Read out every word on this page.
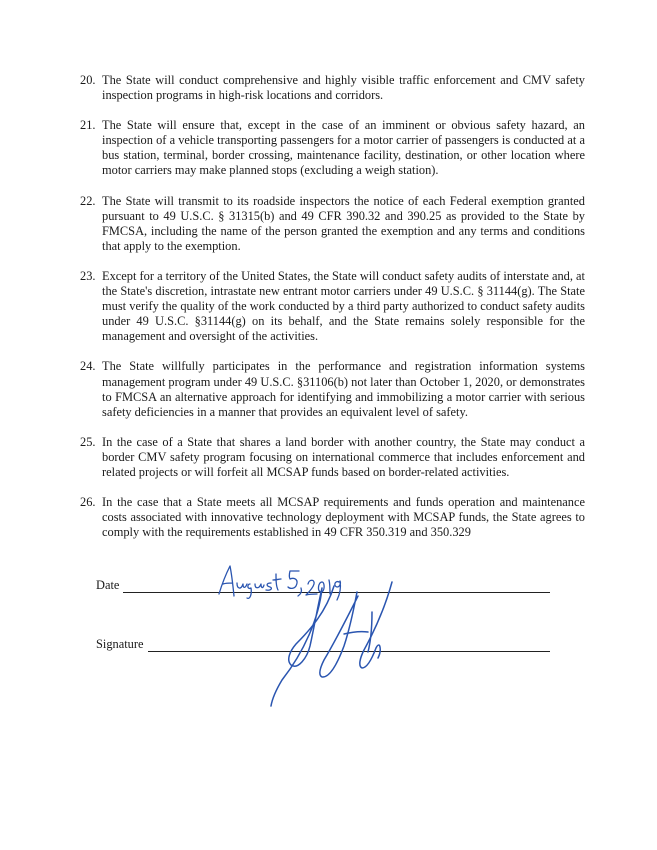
20. The State will conduct comprehensive and highly visible traffic enforcement and CMV safety inspection programs in high-risk locations and corridors.
21. The State will ensure that, except in the case of an imminent or obvious safety hazard, an inspection of a vehicle transporting passengers for a motor carrier of passengers is conducted at a bus station, terminal, border crossing, maintenance facility, destination, or other location where motor carriers may make planned stops (excluding a weigh station).
22. The State will transmit to its roadside inspectors the notice of each Federal exemption granted pursuant to 49 U.S.C. § 31315(b) and 49 CFR 390.32 and 390.25 as provided to the State by FMCSA, including the name of the person granted the exemption and any terms and conditions that apply to the exemption.
23. Except for a territory of the United States, the State will conduct safety audits of interstate and, at the State's discretion, intrastate new entrant motor carriers under 49 U.S.C. § 31144(g). The State must verify the quality of the work conducted by a third party authorized to conduct safety audits under 49 U.S.C. §31144(g) on its behalf, and the State remains solely responsible for the management and oversight of the activities.
24. The State willfully participates in the performance and registration information systems management program under 49 U.S.C. §31106(b) not later than October 1, 2020, or demonstrates to FMCSA an alternative approach for identifying and immobilizing a motor carrier with serious safety deficiencies in a manner that provides an equivalent level of safety.
25. In the case of a State that shares a land border with another country, the State may conduct a border CMV safety program focusing on international commerce that includes enforcement and related projects or will forfeit all MCSAP funds based on border-related activities.
26. In the case that a State meets all MCSAP requirements and funds operation and maintenance costs associated with innovative technology deployment with MCSAP funds, the State agrees to comply with the requirements established in 49 CFR 350.319 and 350.329
Date
Signature
